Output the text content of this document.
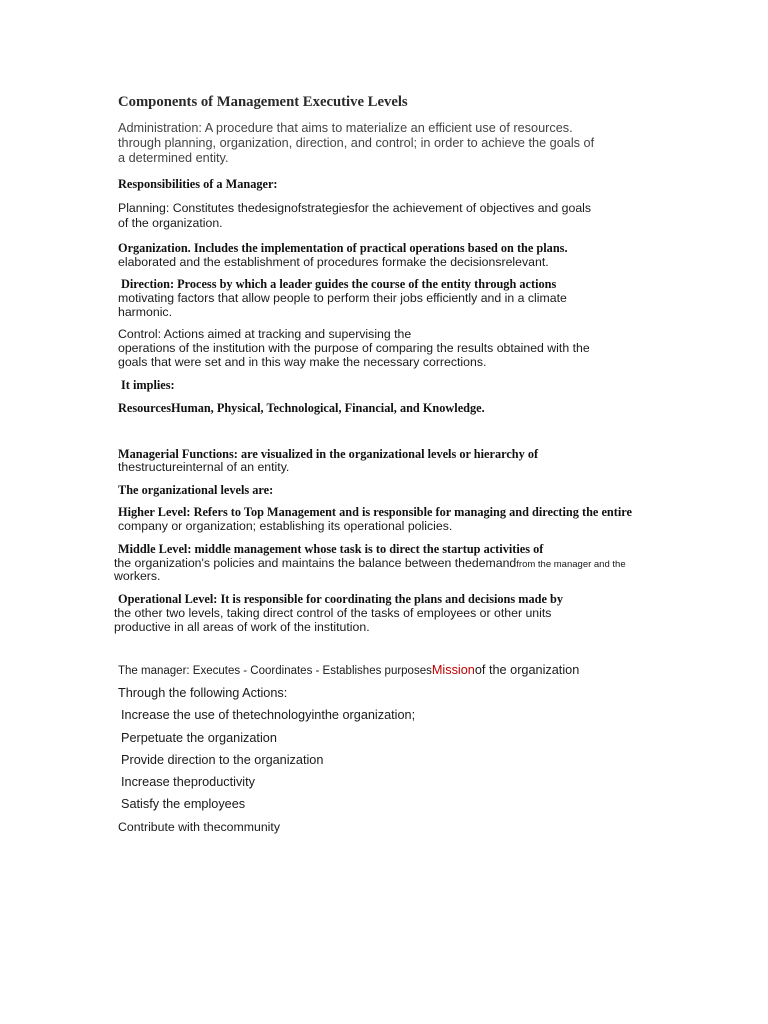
Components of Management Executive Levels
Administration: A procedure that aims to materialize an efficient use of resources.
through planning, organization, direction, and control; in order to achieve the goals of
a determined entity.
Responsibilities of a Manager:
Planning: Constitutes thedesignofstrategiesfor the achievement of objectives and goals
of the organization.
Organization. Includes the implementation of practical operations based on the plans.
elaborated and the establishment of procedures formake the decisionsrelevant.
Direction: Process by which a leader guides the course of the entity through actions
motivating factors that allow people to perform their jobs efficiently and in a climate
harmonic.
Control: Actions aimed at tracking and supervising the
operations of the institution with the purpose of comparing the results obtained with the
goals that were set and in this way make the necessary corrections.
It implies:
ResourcesHuman, Physical, Technological, Financial, and Knowledge.
Managerial Functions: are visualized in the organizational levels or hierarchy of
thestructureinternal of an entity.
The organizational levels are:
Higher Level: Refers to Top Management and is responsible for managing and directing the entire
company or organization; establishing its operational policies.
Middle Level: middle management whose task is to direct the startup activities of
the organization's policies and maintains the balance between thedemandfrom the manager and the
workers.
Operational Level: It is responsible for coordinating the plans and decisions made by
the other two levels, taking direct control of the tasks of employees or other units
productive in all areas of work of the institution.
The manager: Executes - Coordinates - Establishes purposesMissionof the organization
Through the following Actions:
Increase the use of thetechnologyinthe organization;
Perpetuate the organization
Provide direction to the organization
Increase theproductivity
Satisfy the employees
Contribute with thecommunity
